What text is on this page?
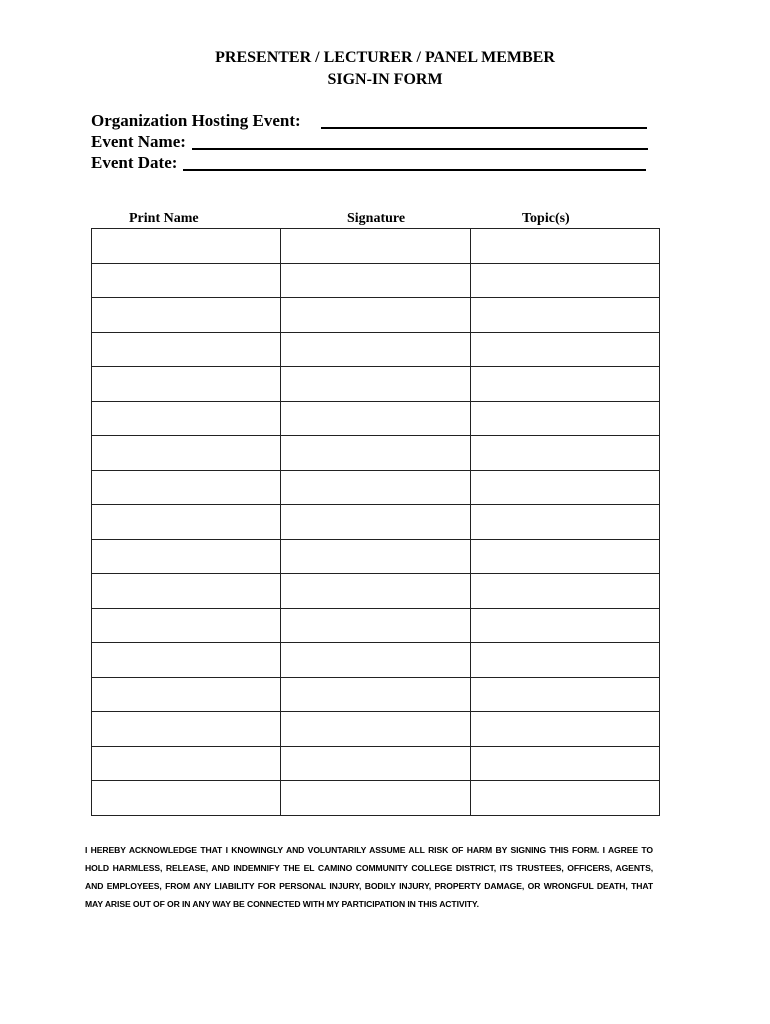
PRESENTER / LECTURER / PANEL MEMBER
SIGN-IN FORM
Organization Hosting Event:
Event Name:
Event Date:
Print Name	Signature	Topic(s)

I HEREBY ACKNOWLEDGE THAT I KNOWINGLY AND VOLUNTARILY ASSUME ALL RISK OF HARM BY SIGNING THIS FORM. I AGREE TO HOLD HARMLESS, RELEASE, AND INDEMNIFY THE EL CAMINO COMMUNITY COLLEGE DISTRICT, ITS TRUSTEES, OFFICERS, AGENTS, AND EMPLOYEES, FROM ANY LIABILITY FOR PERSONAL INJURY, BODILY INJURY, PROPERTY DAMAGE, OR WRONGFUL DEATH, THAT MAY ARISE OUT OF OR IN ANY WAY BE CONNECTED WITH MY PARTICIPATION IN THIS ACTIVITY.
